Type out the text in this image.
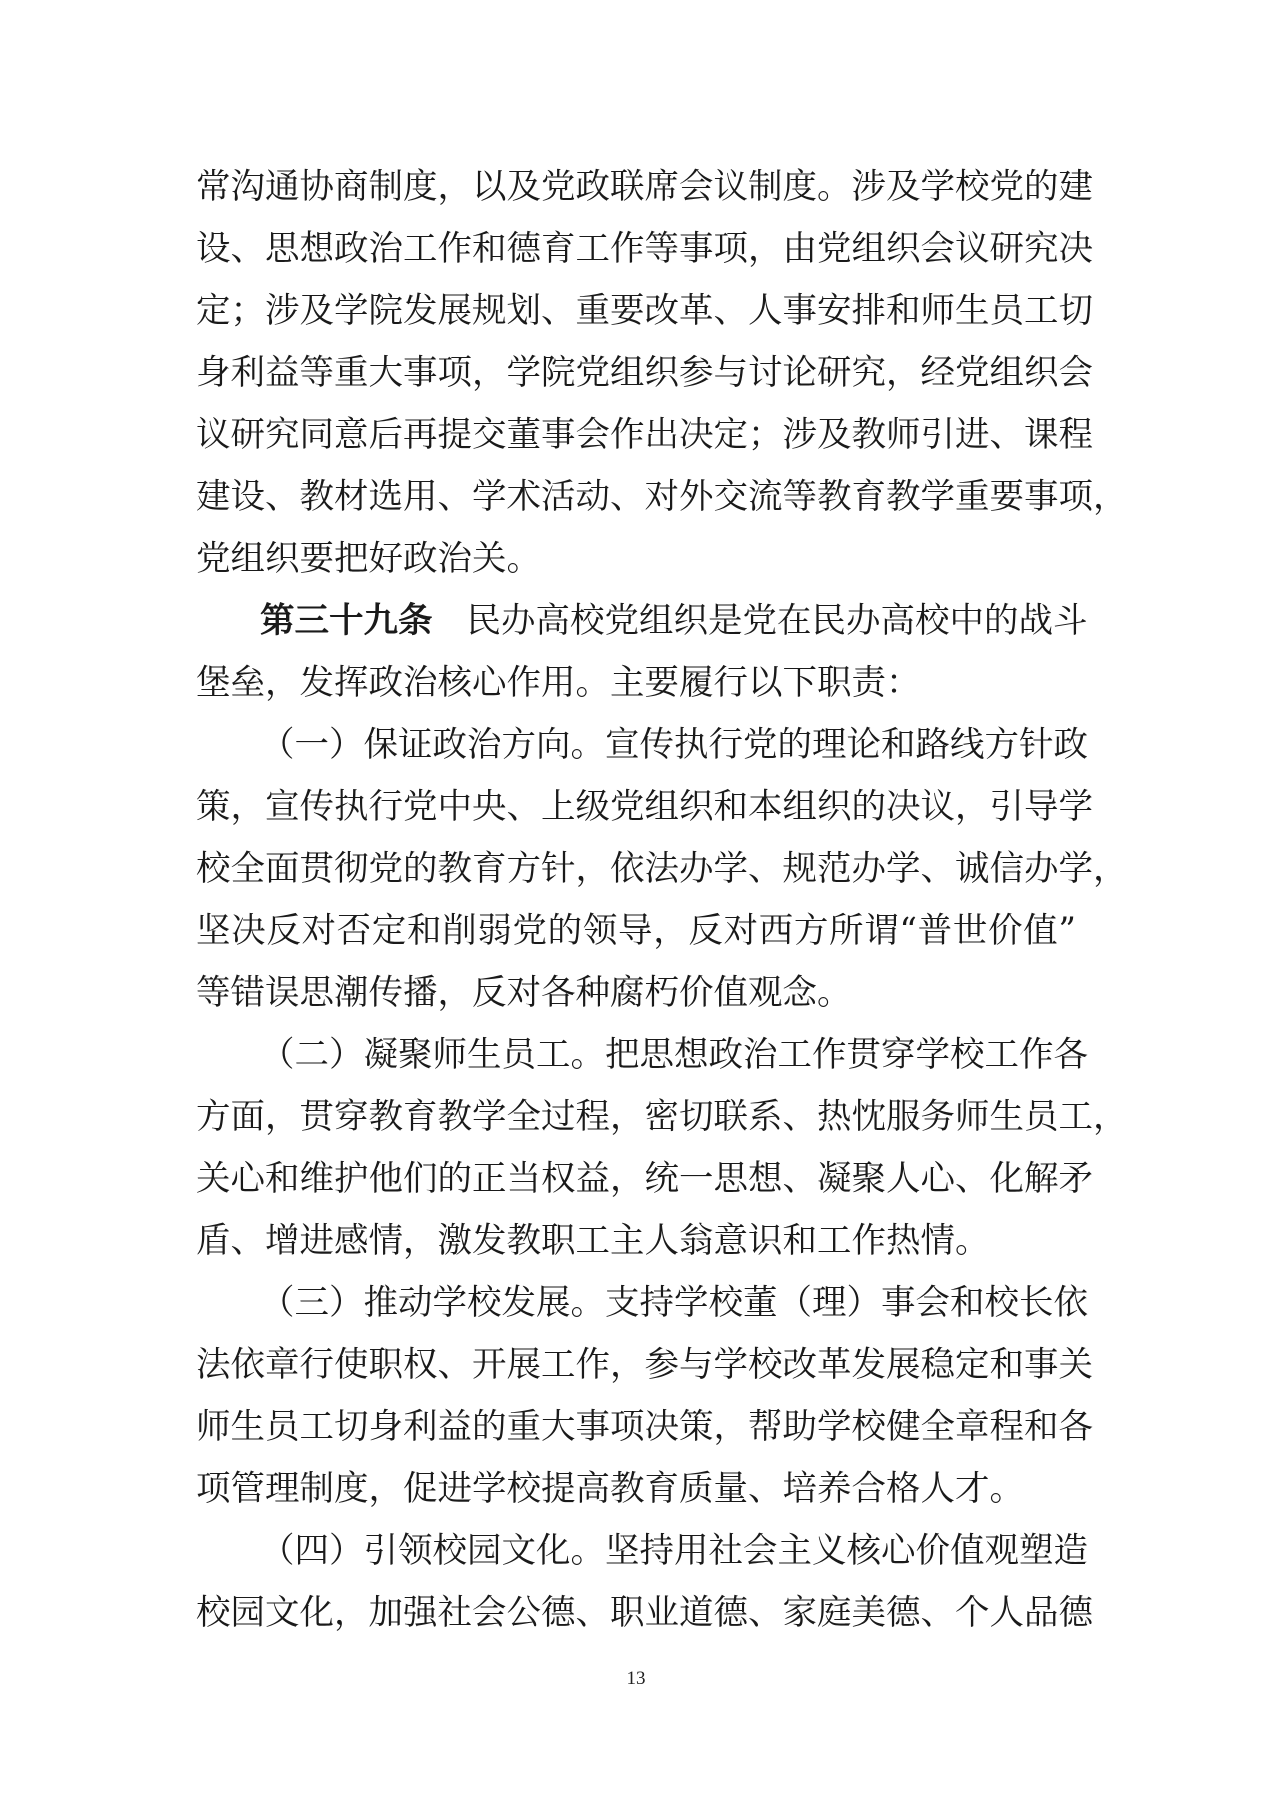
常沟通协商制度，以及党政联席会议制度。涉及学校党的建
设、思想政治工作和德育工作等事项，由党组织会议研究决
定；涉及学院发展规划、重要改革、人事安排和师生员工切
身利益等重大事项，学院党组织参与讨论研究，经党组织会
议研究同意后再提交董事会作出决定；涉及教师引进、课程
建设、教材选用、学术活动、对外交流等教育教学重要事项，
党组织要把好政治关。
第三十九条 民办高校党组织是党在民办高校中的战斗
堡垒，发挥政治核心作用。主要履行以下职责：
（一）保证政治方向。宣传执行党的理论和路线方针政
策，宣传执行党中央、上级党组织和本组织的决议，引导学
校全面贯彻党的教育方针，依法办学、规范办学、诚信办学，
坚决反对否定和削弱党的领导，反对西方所谓“普世价值”
等错误思潮传播，反对各种腐朽价值观念。
（二）凝聚师生员工。把思想政治工作贯穿学校工作各
方面，贯穿教育教学全过程，密切联系、热忱服务师生员工，
关心和维护他们的正当权益，统一思想、凝聚人心、化解矛
盾、增进感情，激发教职工主人翁意识和工作热情。
（三）推动学校发展。支持学校董（理）事会和校长依
法依章行使职权、开展工作，参与学校改革发展稳定和事关
师生员工切身利益的重大事项决策，帮助学校健全章程和各
项管理制度，促进学校提高教育质量、培养合格人才。
（四）引领校园文化。坚持用社会主义核心价值观塑造
校园文化，加强社会公德、职业道德、家庭美德、个人品德
13
